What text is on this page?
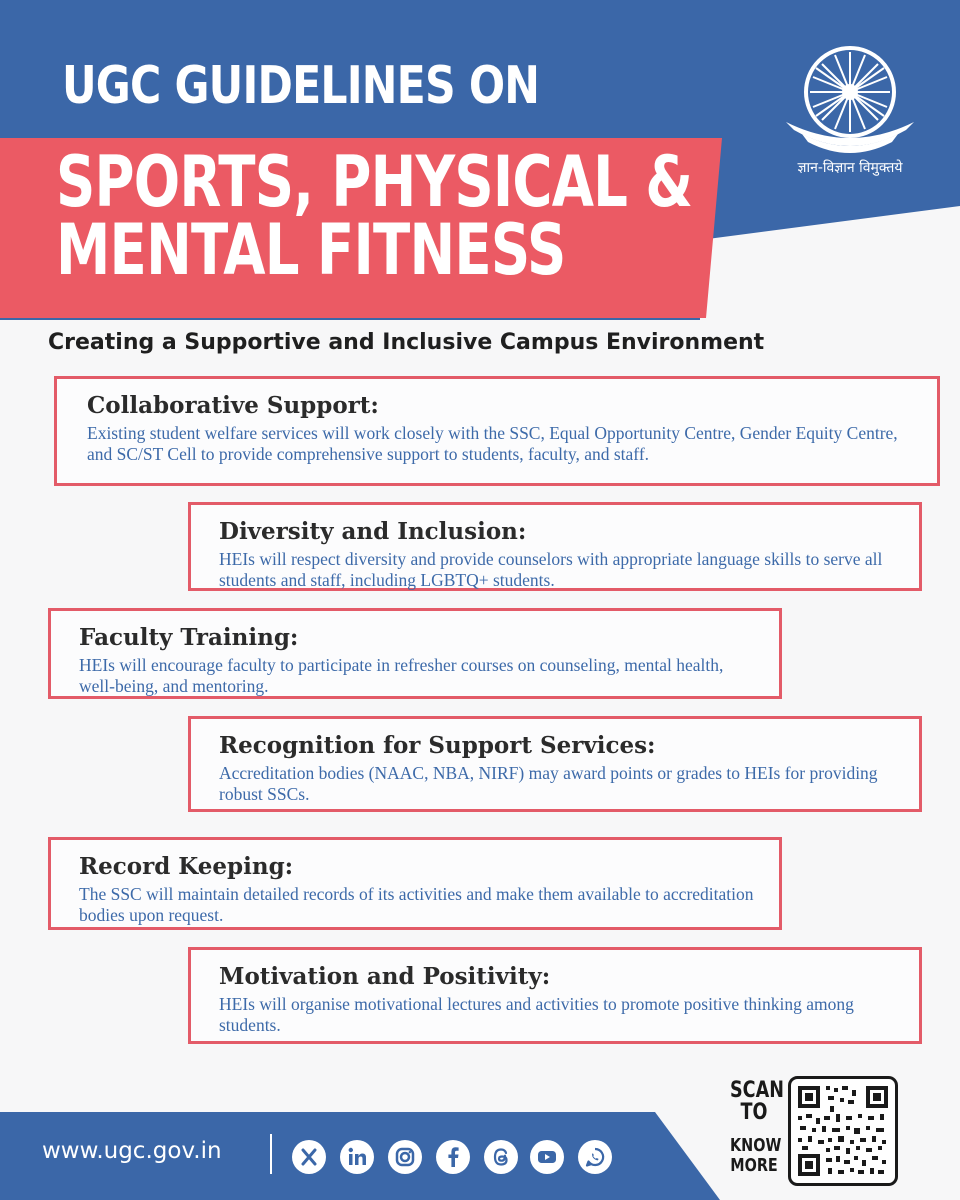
UGC GUIDELINES ON
SPORTS, PHYSICAL &
MENTAL FITNESS
ज्ञान-विज्ञान विमुक्तये
Creating a Supportive and Inclusive Campus Environment
Collaborative Support:
Existing student welfare services will work closely with the SSC, Equal Opportunity Centre, Gender Equity Centre, and SC/ST Cell to provide comprehensive support to students, faculty, and staff.
Diversity and Inclusion:
HEIs will respect diversity and provide counselors with appropriate language skills to serve all students and staff, including LGBTQ+ students.
Faculty Training:
HEIs will encourage faculty to participate in refresher courses on counseling, mental health, well-being, and mentoring.
Recognition for Support Services:
Accreditation bodies (NAAC, NBA, NIRF) may award points or grades to HEIs for providing robust SSCs.
Record Keeping:
The SSC will maintain detailed records of its activities and make them available to accreditation bodies upon request.
Motivation and Positivity:
HEIs will organise motivational lectures and activities to promote positive thinking among students.
www.ugc.gov.in
SCAN
TO
KNOW
MORE
